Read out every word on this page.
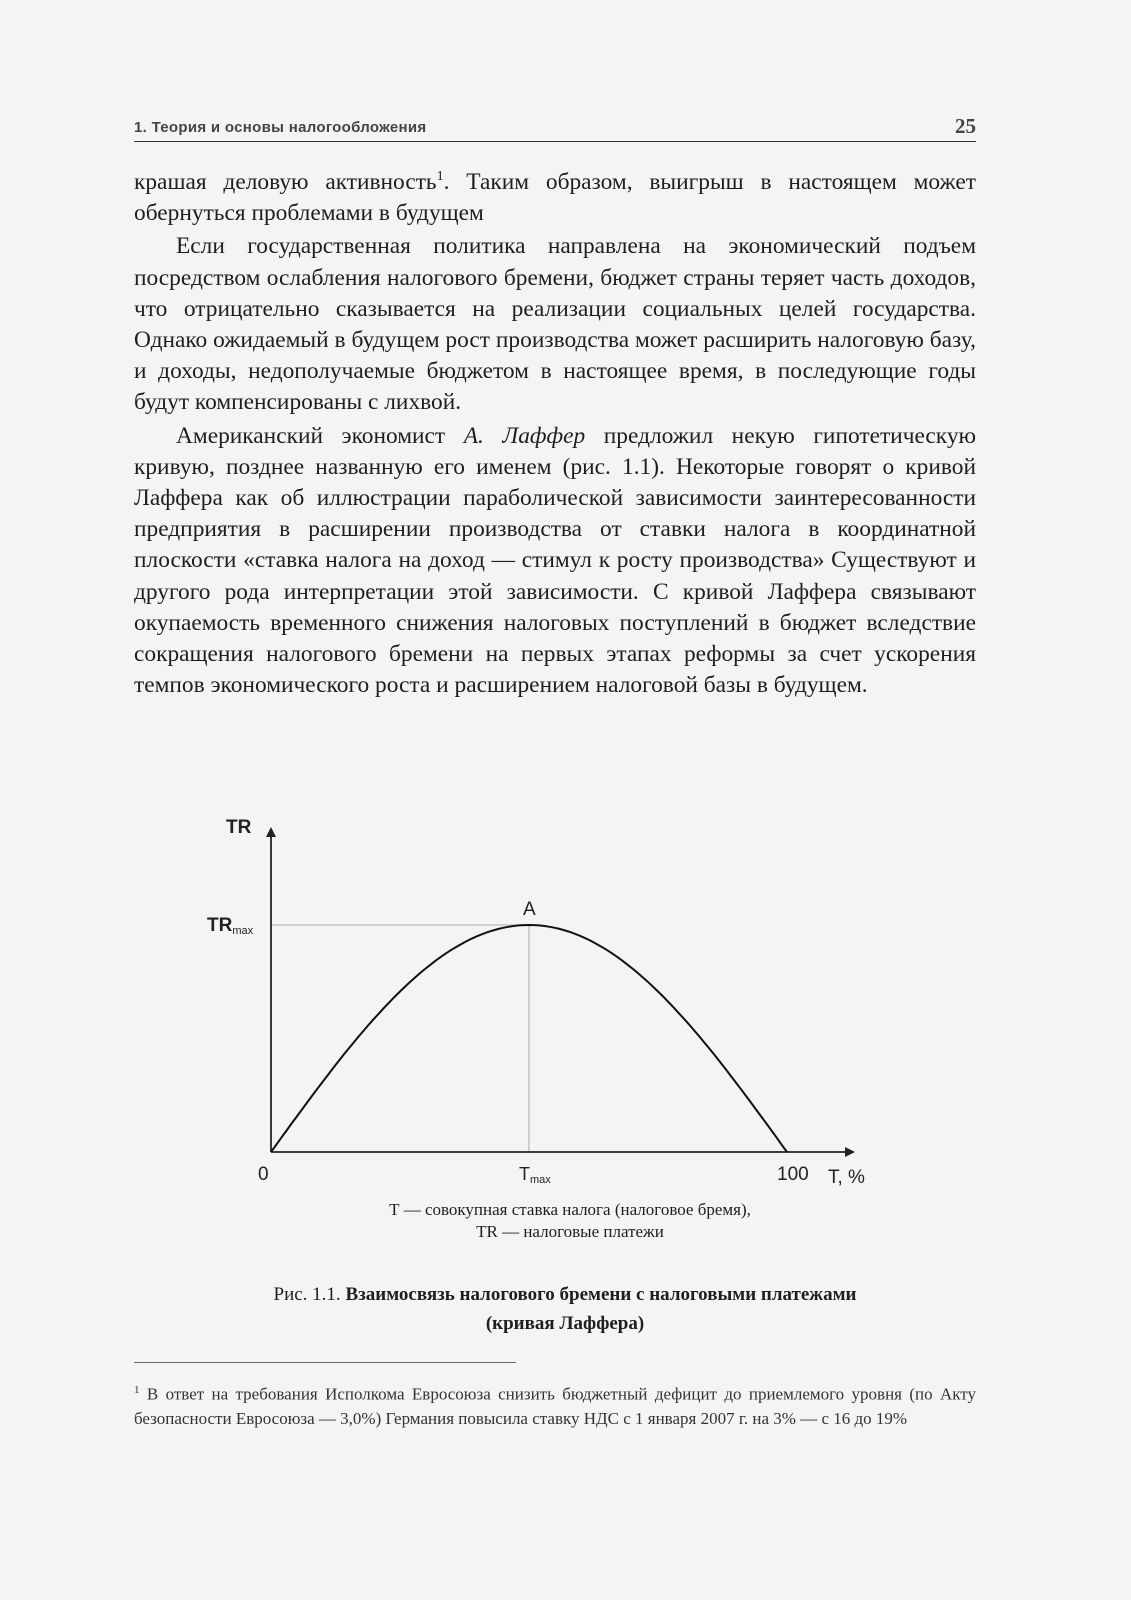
1. Теория и основы налогообложения	25

крашая деловую активность$^1$. Таким образом, выигрыш в настоящем может обернуться проблемами в будущем

Если государственная политика направлена на экономический подъем посредством ослабления налогового бремени, бюджет страны теряет часть доходов, что отрицательно сказывается на реализации социальных целей государства. Однако ожидаемый в будущем рост производства может расширить налоговую базу, и доходы, недополучаемые бюджетом в настоящее время, в последующие годы будут компенсированы с лихвой.

Американский экономист А. Лаффер предложил некую гипотетическую кривую, позднее названную его именем (рис. 1.1). Некоторые говорят о кривой Лаффера как об иллюстрации параболической зависимости заинтересованности предприятия в расширении производства от ставки налога в координатной плоскости «ставка налога на доход — стимул к росту производства» Существуют и другого рода интерпретации этой зависимости. С кривой Лаффера связывают окупаемость временного снижения налоговых поступлений в бюджет вследствие сокращения налогового бремени на первых этапах реформы за счет ускорения темпов экономического роста и расширением налоговой базы в будущем.

TR
TRmax
A
0	Tmax	100 T, %
Т — совокупная ставка налога (налоговое бремя),
TR — налоговые платежи
Рис. 1.1. Взаимосвязь налогового бремени с налоговыми платежами
(кривая Лаффера)
$^1$ В ответ на требования Исполкома Евросоюза снизить бюджетный дефицит до приемлемого уровня (по Акту безопасности Евросоюза — 3,0%) Германия повысила ставку НДС с 1 января 2007 г. на 3% — с 16 до 19%
